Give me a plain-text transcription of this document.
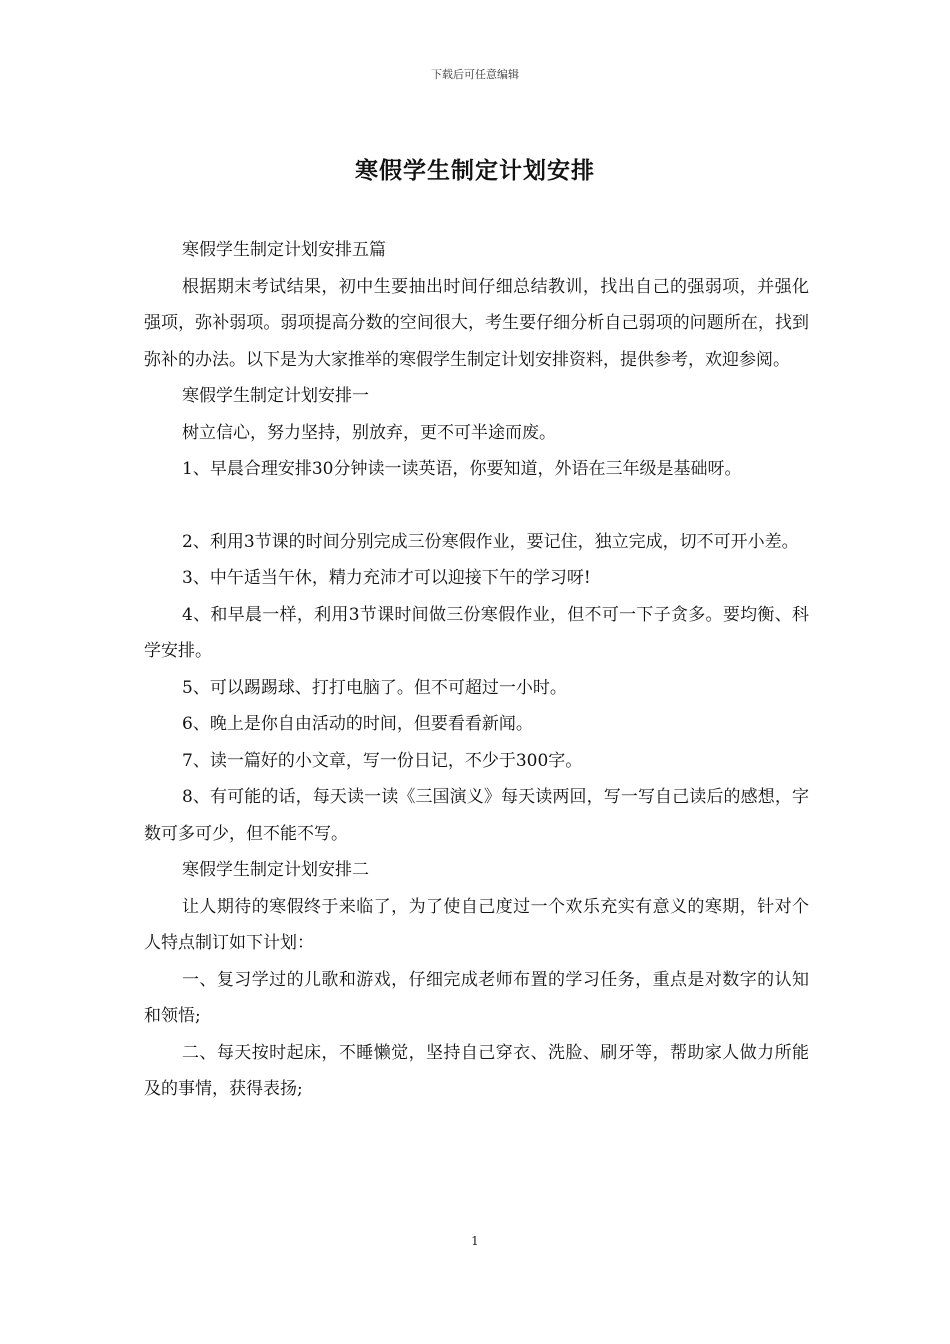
下载后可任意编辑
寒假学生制定计划安排

寒假学生制定计划安排五篇

根据期末考试结果，初中生要抽出时间仔细总结教训，找出自己的强弱项，并强化强项，弥补弱项。弱项提高分数的空间很大，考生要仔细分析自己弱项的问题所在，找到弥补的办法。以下是为大家推举的寒假学生制定计划安排资料，提供参考，欢迎参阅。

寒假学生制定计划安排一

树立信心，努力坚持，别放弃，更不可半途而废。

1、早晨合理安排30分钟读一读英语，你要知道，外语在三年级是基础呀。

2、利用3节课的时间分别完成三份寒假作业，要记住，独立完成，切不可开小差。

3、中午适当午休，精力充沛才可以迎接下午的学习呀!

4、和早晨一样，利用3节课时间做三份寒假作业，但不可一下子贪多。要均衡、科学安排。

5、可以踢踢球、打打电脑了。但不可超过一小时。

6、晚上是你自由活动的时间，但要看看新闻。

7、读一篇好的小文章，写一份日记，不少于300字。

8、有可能的话，每天读一读《三国演义》每天读两回，写一写自己读后的感想，字数可多可少，但不能不写。

寒假学生制定计划安排二

让人期待的寒假终于来临了，为了使自己度过一个欢乐充实有意义的寒期，针对个人特点制订如下计划：

一、复习学过的儿歌和游戏，仔细完成老师布置的学习任务，重点是对数字的认知和领悟;

二、每天按时起床，不睡懒觉，坚持自己穿衣、洗脸、刷牙等，帮助家人做力所能及的事情，获得表扬;

1
